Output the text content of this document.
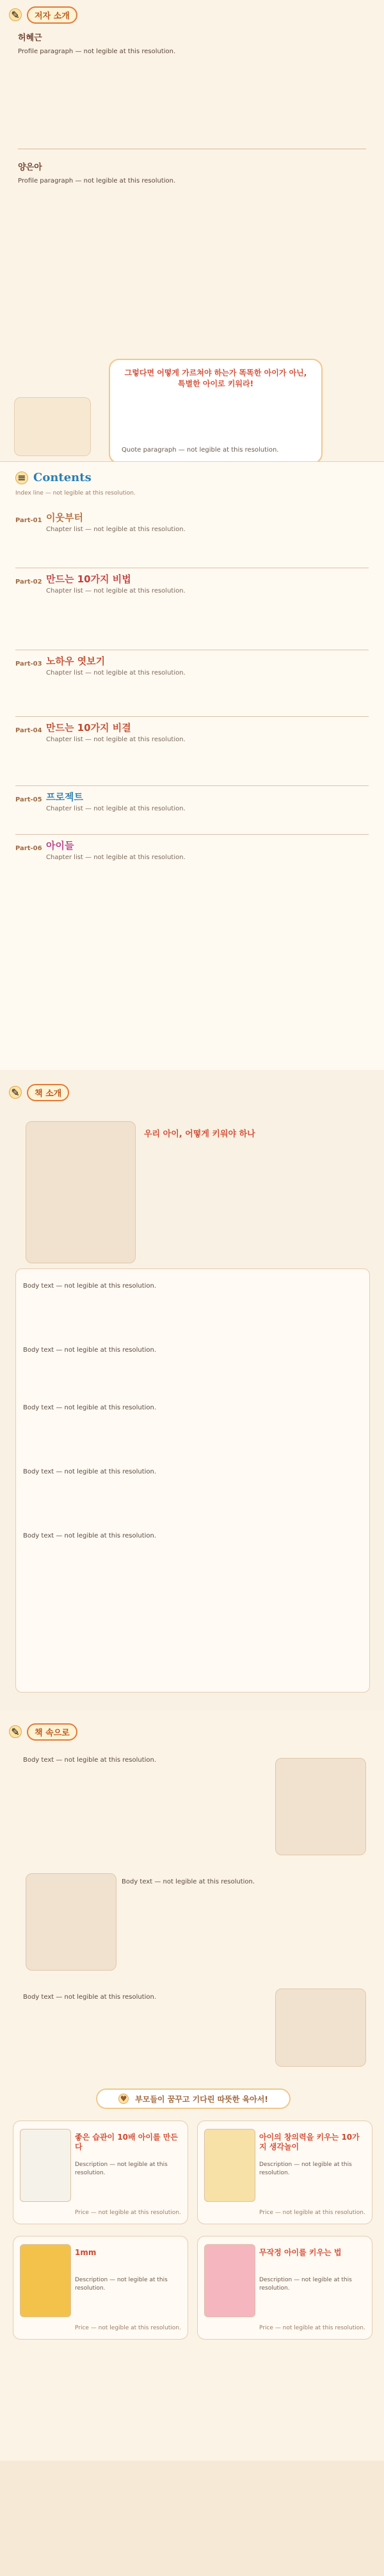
✎	저자 소개
허혜근
Profile paragraph — not legible at this resolution.
양은아
Profile paragraph — not legible at this resolution.
그렇다면 어떻게 가르쳐야 하는가 똑똑한 아이가 아닌, 특별한 아이로 키워라!
Quote paragraph — not legible at this resolution.
≡ Contents
Index line — not legible at this resolution.
Part-01 이웃부터
Chapter list — not legible at this resolution.
Part-02 만드는 10가지 비법
Chapter list — not legible at this resolution.
Part-03 노하우 엿보기
Chapter list — not legible at this resolution.
Part-04 만드는 10가지 비결
Chapter list — not legible at this resolution.
Part-05 프로젝트
Chapter list — not legible at this resolution.
Part-06 아이들
Chapter list — not legible at this resolution.
✎	책 소개
우리 아이, 어떻게 키워야 하나
Body text — not legible at this resolution.
Body text — not legible at this resolution.
Body text — not legible at this resolution.
Body text — not legible at this resolution.
Body text — not legible at this resolution.
✎	책 속으로
Body text — not legible at this resolution.
Body text — not legible at this resolution.
Body text — not legible at this resolution.
♥ 부모들이 꿈꾸고 기다린 따뜻한 육아서!
좋은 습관이 10배 아이를 만든다
Description — not legible at this resolution.
Price — not legible at this resolution.
아이의 창의력을 키우는 10가지 생각놀이
Description — not legible at this resolution.
Price — not legible at this resolution.
1mm
Description — not legible at this resolution.
Price — not legible at this resolution.
무작정 아이를 키우는 법
Description — not legible at this resolution.
Price — not legible at this resolution.
